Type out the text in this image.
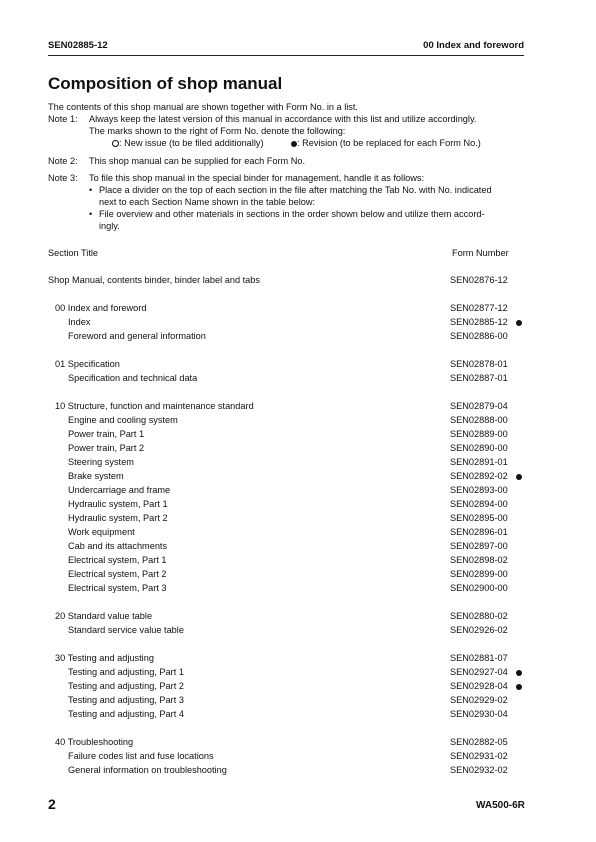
SEN02885-12	00 Index and foreword
Composition of shop manual
The contents of this shop manual are shown together with Form No. in a list.
Note 1: Always keep the latest version of this manual in accordance with this list and utilize accordingly.
The marks shown to the right of Form No. denote the following:
: New issue (to be filed additionally)	: Revision (to be replaced for each Form No.)
Note 2: This shop manual can be supplied for each Form No.
Note 3: To file this shop manual in the special binder for management, handle it as follows:
• Place a divider on the top of each section in the file after matching the Tab No. with No. indicated
next to each Section Name shown in the table below:
• File overview and other materials in sections in the order shown below and utilize them accord-
ingly.
Section Title	Form Number
Shop Manual, contents binder, binder label and tabs	SEN02876-12
00 Index and foreword	SEN02877-12
Index	SEN02885-12
Foreword and general information	SEN02886-00
01 Specification	SEN02878-01
Specification and technical data	SEN02887-01
10 Structure, function and maintenance standard	SEN02879-04
Engine and cooling system	SEN02888-00
Power train, Part 1	SEN02889-00
Power train, Part 2	SEN02890-00
Steering system	SEN02891-01
Brake system	SEN02892-02
Undercarriage and frame	SEN02893-00
Hydraulic system, Part 1	SEN02894-00
Hydraulic system, Part 2	SEN02895-00
Work equipment	SEN02896-01
Cab and its attachments	SEN02897-00
Electrical system, Part 1	SEN02898-02
Electrical system, Part 2	SEN02899-00
Electrical system, Part 3	SEN02900-00
20 Standard value table	SEN02880-02
Standard service value table	SEN02926-02
30 Testing and adjusting	SEN02881-07
Testing and adjusting, Part 1	SEN02927-04
Testing and adjusting, Part 2	SEN02928-04
Testing and adjusting, Part 3	SEN02929-02
Testing and adjusting, Part 4	SEN02930-04
40 Troubleshooting	SEN02882-05
Failure codes list and fuse locations	SEN02931-02
General information on troubleshooting	SEN02932-02
2	WA500-6R
